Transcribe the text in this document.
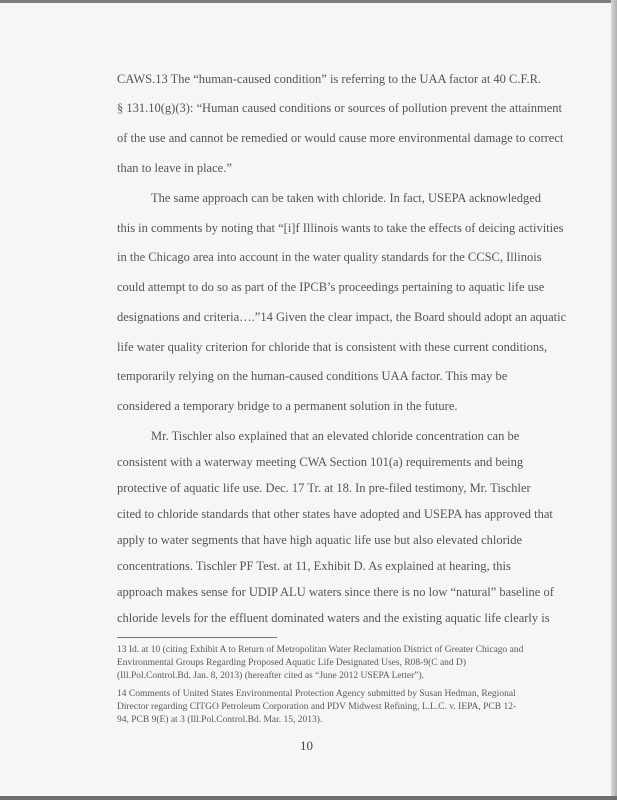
CAWS.13 The “human-caused condition” is referring to the UAA factor at 40 C.F.R.

§ 131.10(g)(3): “Human caused conditions or sources of pollution prevent the attainment

of the use and cannot be remedied or would cause more environmental damage to correct

than to leave in place.”

The same approach can be taken with chloride. In fact, USEPA acknowledged

this in comments by noting that “[i]f Illinois wants to take the effects of deicing activities

in the Chicago area into account in the water quality standards for the CCSC, Illinois

could attempt to do so as part of the IPCB’s proceedings pertaining to aquatic life use

designations and criteria….”14 Given the clear impact, the Board should adopt an aquatic

life water quality criterion for chloride that is consistent with these current conditions,

temporarily relying on the human-caused conditions UAA factor. This may be

considered a temporary bridge to a permanent solution in the future.

Mr. Tischler also explained that an elevated chloride concentration can be

consistent with a waterway meeting CWA Section 101(a) requirements and being

protective of aquatic life use. Dec. 17 Tr. at 18. In pre-filed testimony, Mr. Tischler

cited to chloride standards that other states have adopted and USEPA has approved that

apply to water segments that have high aquatic life use but also elevated chloride

concentrations. Tischler PF Test. at 11, Exhibit D. As explained at hearing, this

approach makes sense for UDIP ALU waters since there is no low “natural” baseline of

chloride levels for the effluent dominated waters and the existing aquatic life clearly is

13 Id. at 10 (citing Exhibit A to Return of Metropolitan Water Reclamation District of Greater Chicago and

Environmental Groups Regarding Proposed Aquatic Life Designated Uses, R08-9(C and D)

(Ill.Pol.Control.Bd. Jan. 8, 2013) (hereafter cited as “June 2012 USEPA Letter”).

14 Comments of United States Environmental Protection Agency submitted by Susan Hedman, Regional

Director regarding CITGO Petroleum Corporation and PDV Midwest Refining, L.L.C. v. IEPA, PCB 12-

94, PCB 9(E) at 3 (Ill.Pol.Control.Bd. Mar. 15, 2013).

10
